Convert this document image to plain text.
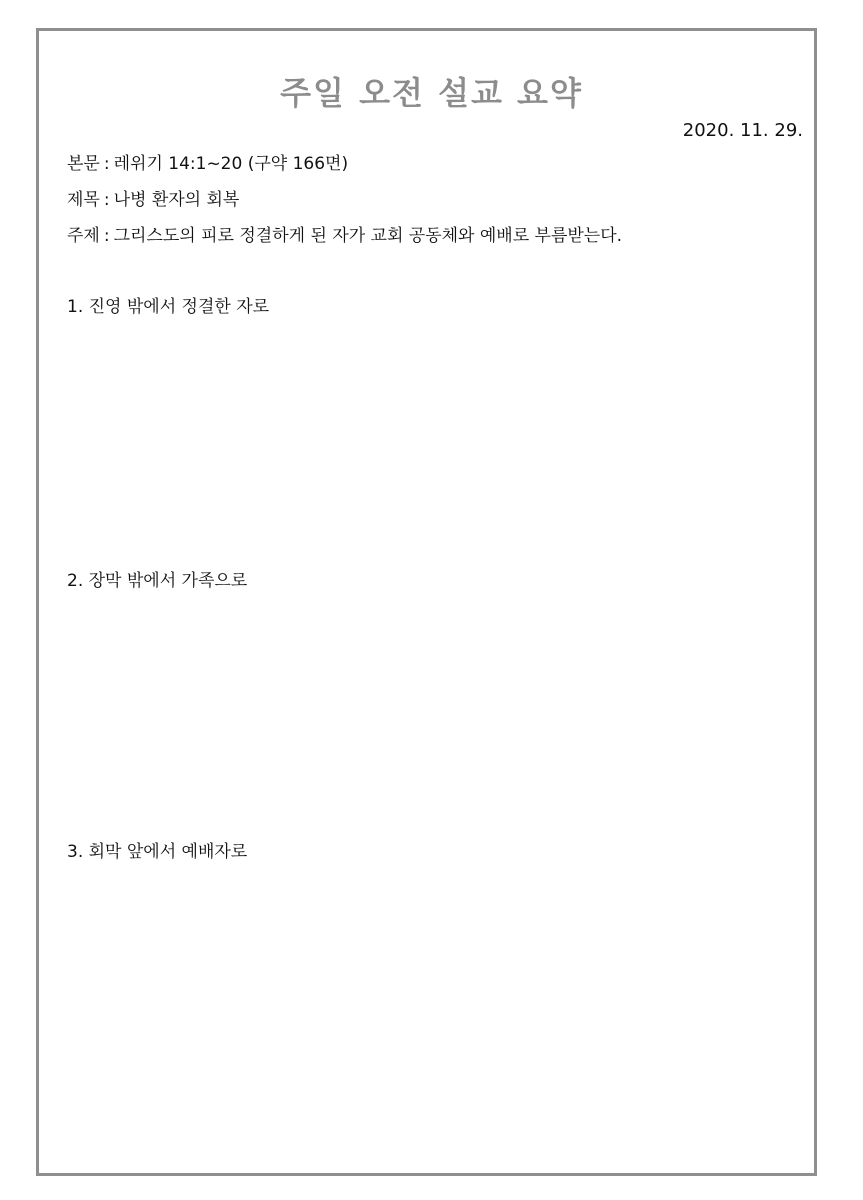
주일 오전 설교 요약
2020. 11. 29.
본문 : 레위기 14:1~20 (구약 166면)
제목 : 나병 환자의 회복
주제 : 그리스도의 피로 정결하게 된 자가 교회 공동체와 예배로 부름받는다.
1. 진영 밖에서 정결한 자로
2. 장막 밖에서 가족으로
3. 회막 앞에서 예배자로
